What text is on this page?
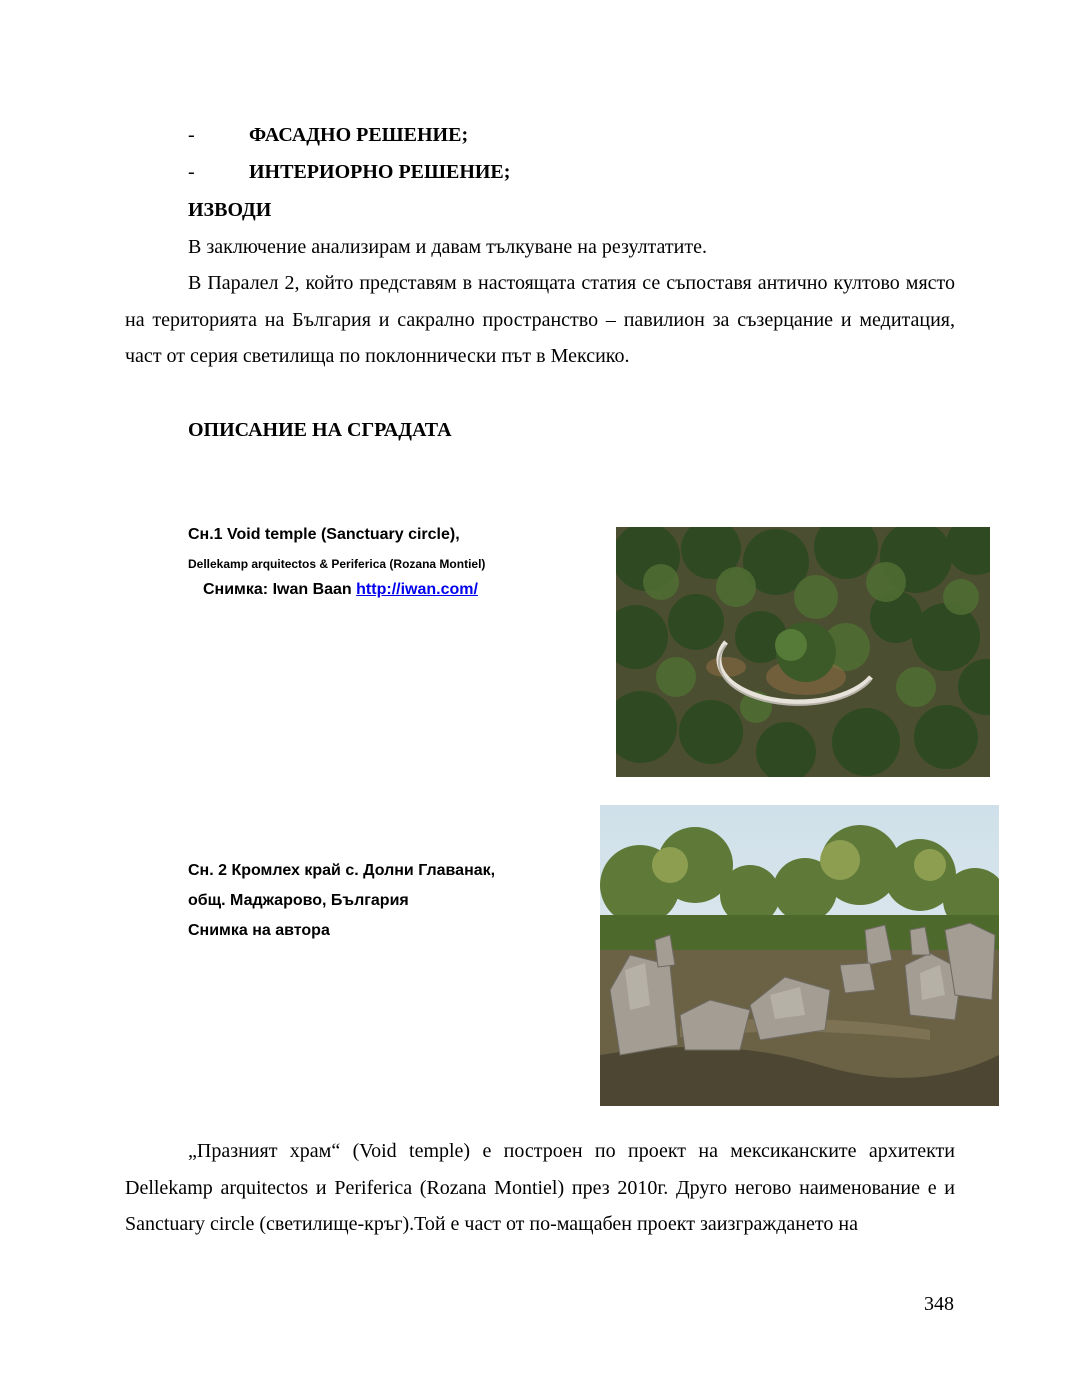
-	ФАСАДНО РЕШЕНИЕ;
-	ИНТЕРИОРНО РЕШЕНИЕ;
ИЗВОДИ
В заключение анализирам и давам тълкуване на резултатите.

В Паралел 2, който представям в настоящата статия се съпоставя антично култово място на територията на България и сакрално пространство – павилион за съзерцание и медитация, част от серия светилища по поклоннически път в Мексико.

ОПИСАНИЕ НА СГРАДАТА
Сн.1 Void temple (Sanctuary circle),
Dellekamp arquitectos & Periferica (Rozana Montiel)
Снимка: Iwan Baan http://iwan.com/
Сн. 2 Кромлех край с. Долни Главанак,
общ. Маджарово, България
Снимка на автора

„Празният храм“ (Void temple) е построен по проект на мексиканските архитекти Dellekamp arquitectos и Periferica (Rozana Montiel) през 2010г. Друго негово наименование е и Sanctuary circle (светилище-кръг).Той е част от по-мащабен проект заизграждането на

348
